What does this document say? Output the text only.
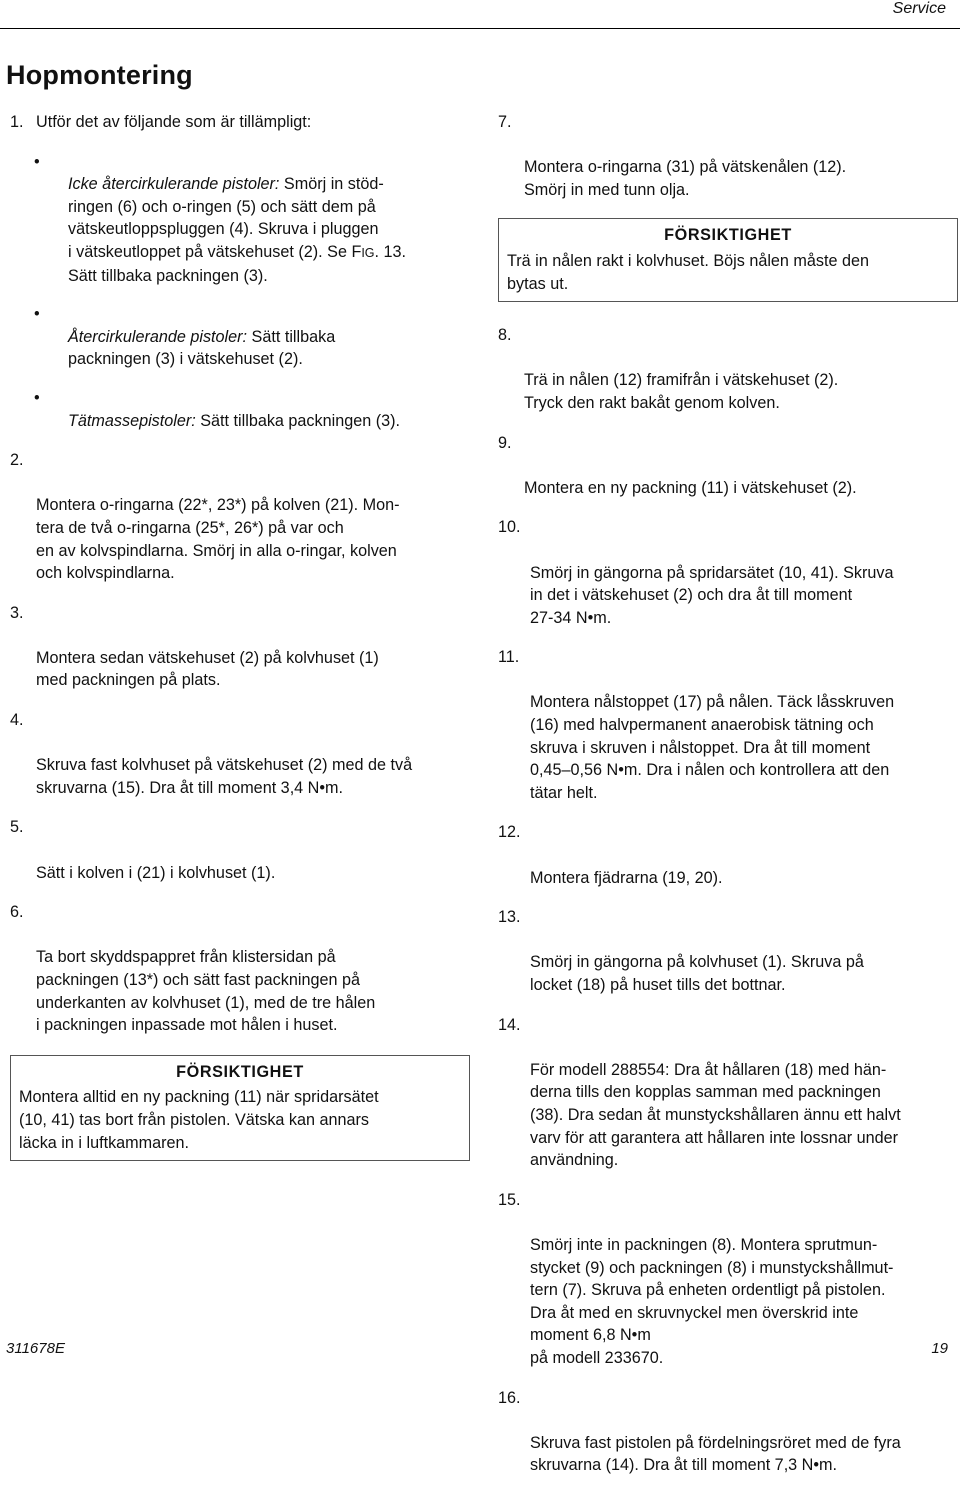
Service
Hopmontering
1. Utför det av följande som är tillämpligt:

•
Icke återcirkulerande pistoler: Smörj in stöd-
ringen (6) och o-ringen (5) och sätt dem på
vätskeutloppspluggen (4). Skruva i pluggen
i vätskeutloppet på vätskehuset (2). Se FIG. 13.
Sätt tillbaka packningen (3).

•
Återcirkulerande pistoler: Sätt tillbaka
packningen (3) i vätskehuset (2).

•
Tätmassepistoler: Sätt tillbaka packningen (3).

2.

Montera o-ringarna (22*, 23*) på kolven (21). Mon-
tera de två o-ringarna (25*, 26*) på var och
en av kolvspindlarna. Smörj in alla o-ringar, kolven
och kolvspindlarna.

3.

Montera sedan vätskehuset (2) på kolvhuset (1)
med packningen på plats.

4.

Skruva fast kolvhuset på vätskehuset (2) med de två
skruvarna (15). Dra åt till moment 3,4 N•m.

5.

Sätt i kolven i (21) i kolvhuset (1).

6.

Ta bort skyddspappret från klistersidan på
packningen (13*) och sätt fast packningen på
underkanten av kolvhuset (1), med de tre hålen
i packningen inpassade mot hålen i huset.

FÖRSIKTIGHET
Montera alltid en ny packning (11) när spridarsätet
(10, 41) tas bort från pistolen. Vätska kan annars
läcka in i luftkammaren.

7.

Montera o-ringarna (31) på vätskenålen (12).
Smörj in med tunn olja.

FÖRSIKTIGHET
Trä in nålen rakt i kolvhuset. Böjs nålen måste den
bytas ut.

8.

Trä in nålen (12) framifrån i vätskehuset (2).
Tryck den rakt bakåt genom kolven.

9.

Montera en ny packning (11) i vätskehuset (2).

10.

Smörj in gängorna på spridarsätet (10, 41). Skruva
in det i vätskehuset (2) och dra åt till moment
27-34 N•m.

11.

Montera nålstoppet (17) på nålen. Täck låsskruven
(16) med halvpermanent anaerobisk tätning och
skruva i skruven i nålstoppet. Dra åt till moment
0,45–0,56 N•m. Dra i nålen och kontrollera att den
tätar helt.

12.

Montera fjädrarna (19, 20).

13.

Smörj in gängorna på kolvhuset (1). Skruva på
locket (18) på huset tills det bottnar.

14.

För modell 288554: Dra åt hållaren (18) med hän-
derna tills den kopplas samman med packningen
(38). Dra sedan åt munstyckshållaren ännu ett halvt
varv för att garantera att hållaren inte lossnar under
användning.

15.

Smörj inte in packningen (8). Montera sprutmun-
stycket (9) och packningen (8) i munstyckshållmut-
tern (7). Skruva på enheten ordentligt på pistolen.
Dra åt med en skruvnyckel men överskrid inte
moment 6,8 N•m
på modell 233670.

16.

Skruva fast pistolen på fördelningsröret med de fyra
skruvarna (14). Dra åt till moment 7,3 N•m.

311678E	19
